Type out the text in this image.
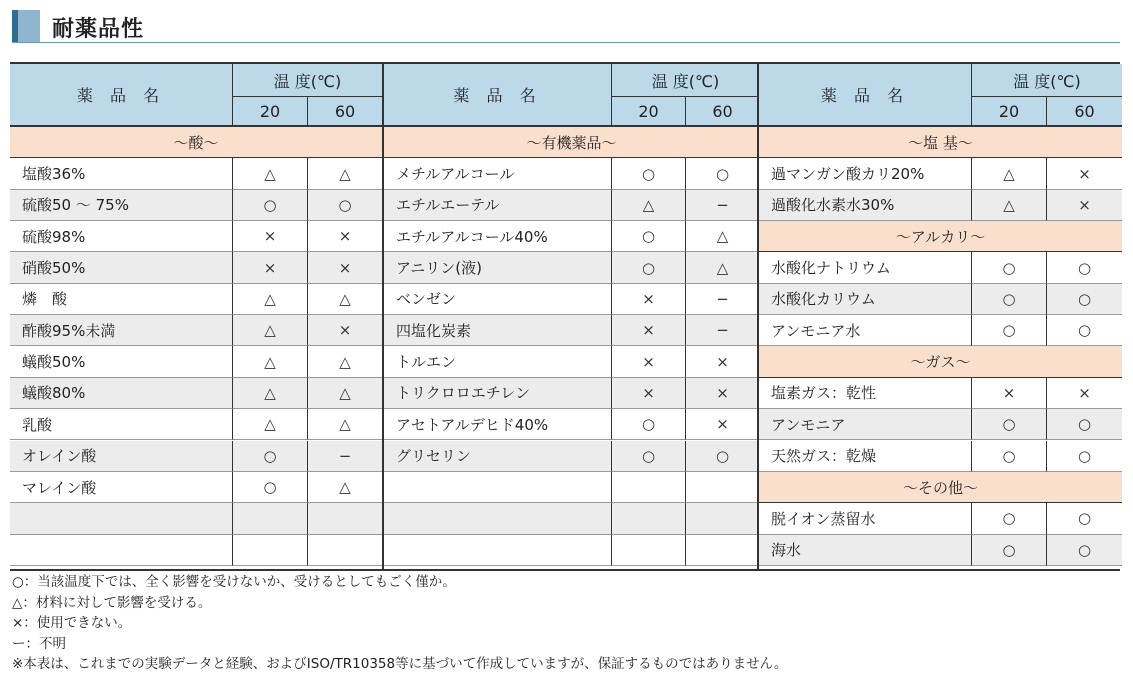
耐薬品性
薬 品 名
温 度(℃)
20	60
〜酸〜
塩酸36%	△	△
硫酸50 〜 75%	○	○
硫酸98%	×	×
硝酸50%	×	×
燐　酸	△	△
酢酸95%未満	△	×
蟻酸50%	△	△
蟻酸80%	△	△
乳酸	△	△
オレイン酸	○	−
マレイン酸	○	△
薬 品 名
温 度(℃)
20	60
〜有機薬品〜
メチルアルコール	○	○
エチルエーテル	△	−
エチルアルコール40%	○	△
アニリン(液)	○	△
ベンゼン	×	−
四塩化炭素	×	−
トルエン	×	×
トリクロロエチレン	×	×
アセトアルデヒド40%	○	×
グリセリン	○	○
薬 品 名
温 度(℃)
20	60
〜塩 基〜
過マンガン酸カリ20%	△	×
過酸化水素水30%	△	×
〜アルカリ〜
水酸化ナトリウム	○	○
水酸化カリウム	○	○
アンモニア水	○	○
〜ガス〜
塩素ガス：乾性	×	×
アンモニア	○	○
天然ガス：乾燥	○	○
〜その他〜
脱イオン蒸留水	○	○
海水	○	○
○：当該温度下では、全く影響を受けないか、受けるとしてもごく僅か。
△：材料に対して影響を受ける。
×：使用できない。
ー：不明
※本表は、これまでの実験データと経験、およびISO/TR10358等に基づいて作成していますが、保証するものではありません。
